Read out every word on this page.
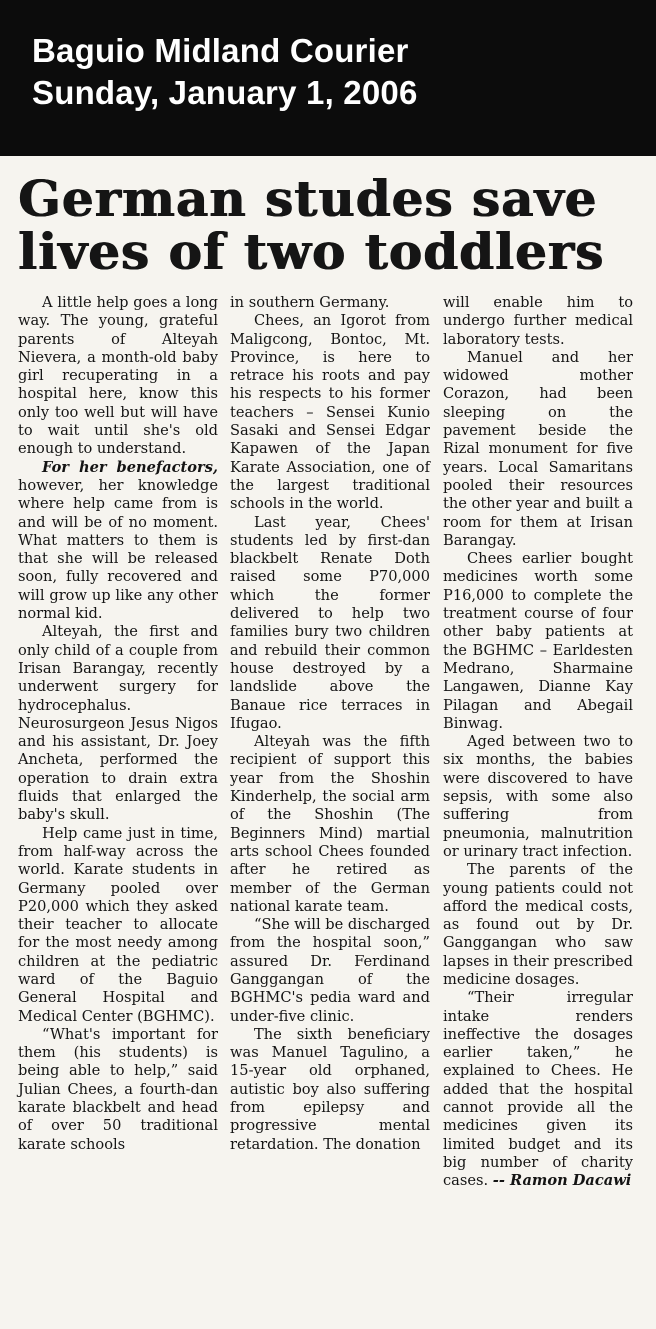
Baguio Midland Courier
Sunday, January 1, 2006
German studes save
lives of two toddlers

A little help goes a long way. The young, grateful parents of Alteyah Nievera, a month-old baby girl recuperating in a hospital here, know this only too well but will have to wait until she's old enough to understand.

For her benefactors, however, her knowledge where help came from is and will be of no moment. What matters to them is that she will be released soon, fully recovered and will grow up like any other normal kid.

Alteyah, the first and only child of a couple from Irisan Barangay, recently underwent surgery for hydrocephalus. Neurosurgeon Jesus Nigos and his assistant, Dr. Joey Ancheta, performed the operation to drain extra fluids that enlarged the baby's skull.

Help came just in time, from half-way across the world. Karate students in Germany pooled over P20,000 which they asked their teacher to allocate for the most needy among children at the pediatric ward of the Baguio General Hospital and Medical Center (BGHMC).

“What's important for them (his students) is being able to help,” said Julian Chees, a fourth-dan karate blackbelt and head of over 50 traditional karate schools

in southern Germany.

Chees, an Igorot from Maligcong, Bontoc, Mt. Province, is here to retrace his roots and pay his respects to his former teachers – Sensei Kunio Sasaki and Sensei Edgar Kapawen of the Japan Karate Association, one of the largest traditional schools in the world.

Last year, Chees' students led by first-dan blackbelt Renate Doth raised some P70,000 which the former delivered to help two families bury two children and rebuild their common house destroyed by a landslide above the Banaue rice terraces in Ifugao.

Alteyah was the fifth recipient of support this year from the Shoshin Kinderhelp, the social arm of the Shoshin (The Beginners Mind) martial arts school Chees founded after he retired as member of the German national karate team.

“She will be discharged from the hospital soon,” assured Dr. Ferdinand Ganggangan of the BGHMC's pedia ward and under-five clinic.

The sixth beneficiary was Manuel Tagulino, a 15-year old orphaned, autistic boy also suffering from epilepsy and progressive mental retardation. The donation

will enable him to undergo further medical laboratory tests.

Manuel and her widowed mother Corazon, had been sleeping on the pavement beside the Rizal monument for five years. Local Samaritans pooled their resources the other year and built a room for them at Irisan Barangay.

Chees earlier bought medicines worth some P16,000 to complete the treatment course of four other baby patients at the BGHMC – Earldesten Medrano, Sharmaine Langawen, Dianne Kay Pilagan and Abegail Binwag.

Aged between two to six months, the babies were discovered to have sepsis, with some also suffering from pneumonia, malnutrition or urinary tract infection.

The parents of the young patients could not afford the medical costs, as found out by Dr. Ganggangan who saw lapses in their prescribed medicine dosages.

“Their irregular intake renders ineffective the dosages earlier taken,” he explained to Chees. He added that the hospital cannot provide all the medicines given its limited budget and its big number of charity cases. -- Ramon Dacawi
